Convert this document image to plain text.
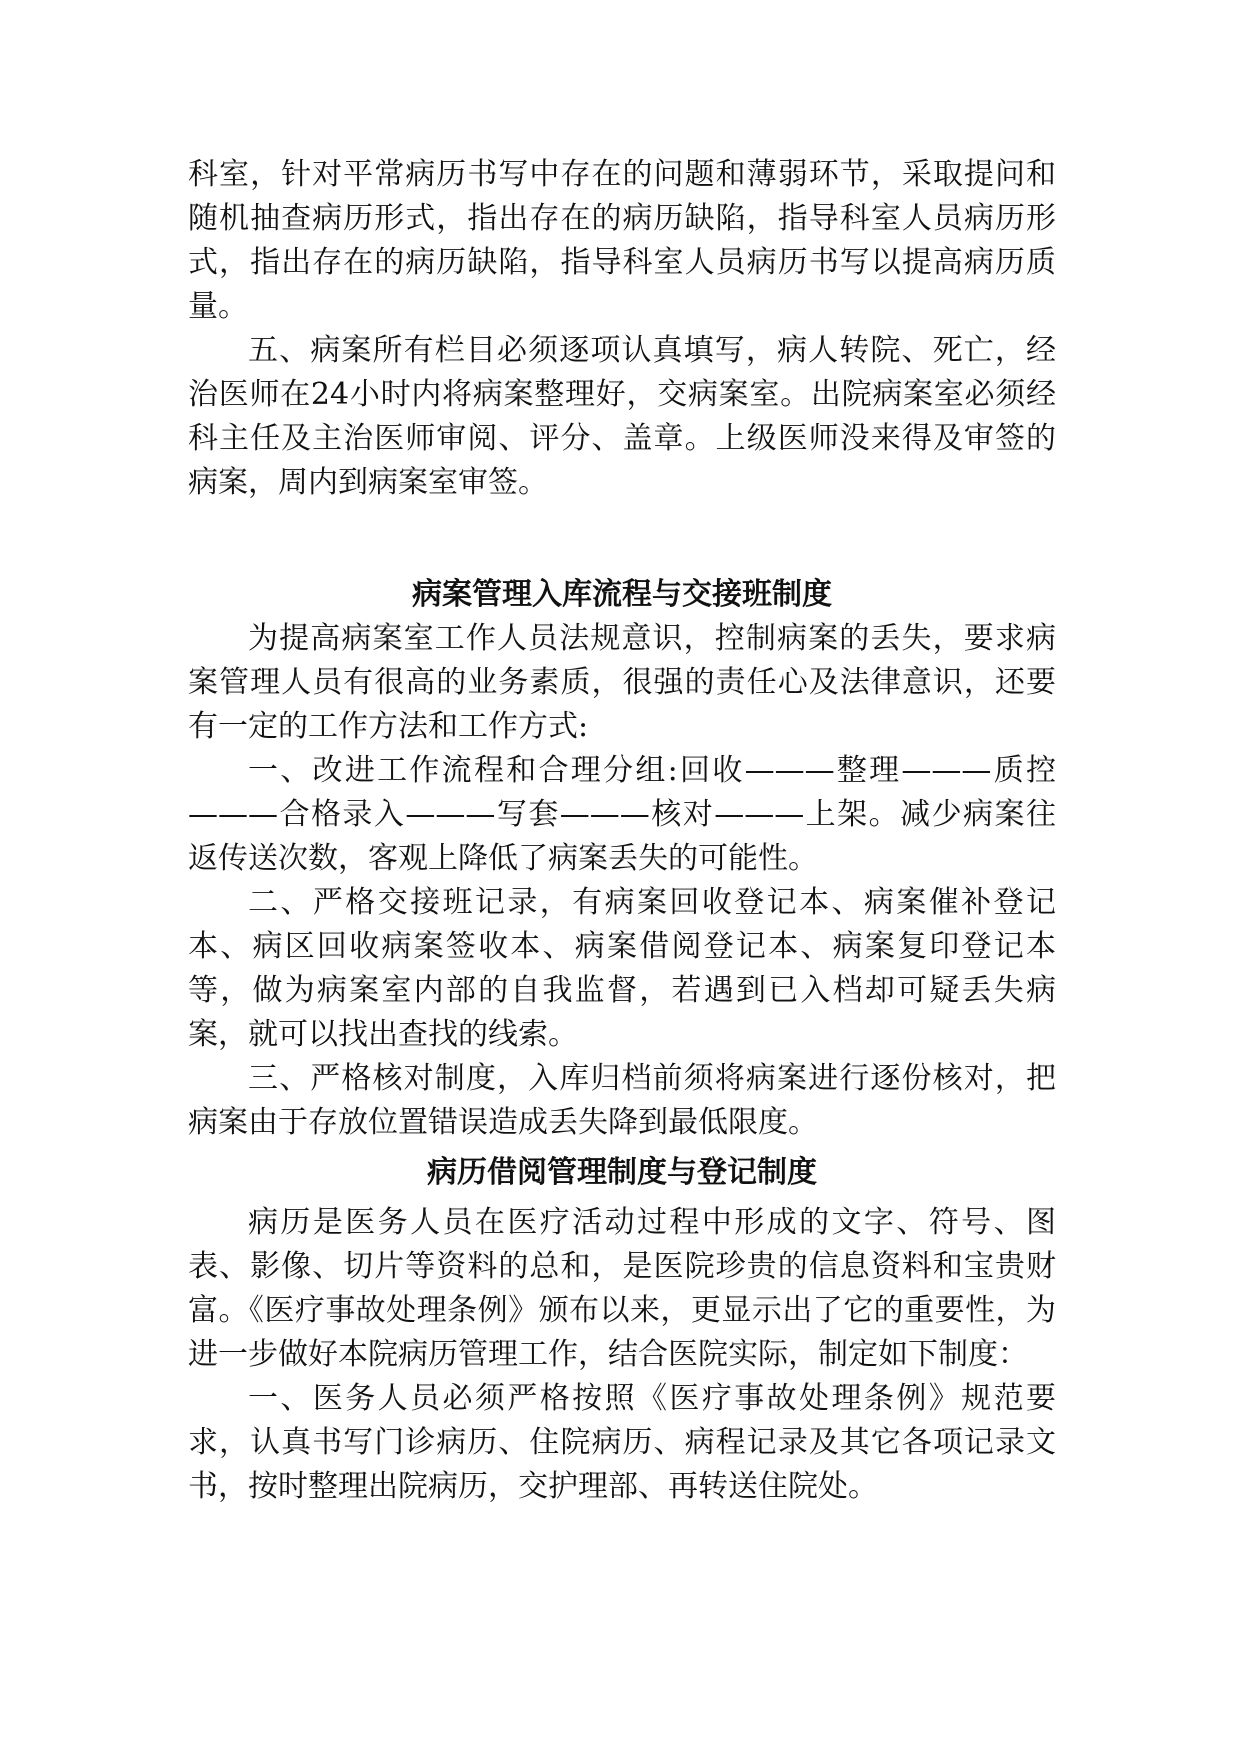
科室，针对平常病历书写中存在的问题和薄弱环节，采取提问和随机抽查病历形式，指出存在的病历缺陷，指导科室人员病历形式，指出存在的病历缺陷，指导科室人员病历书写以提高病历质量。

五、病案所有栏目必须逐项认真填写，病人转院、死亡，经治医师在24小时内将病案整理好，交病案室。出院病案室必须经科主任及主治医师审阅、评分、盖章。上级医师没来得及审签的病案，周内到病案室审签。

病案管理入库流程与交接班制度

为提高病案室工作人员法规意识，控制病案的丢失，要求病案管理人员有很高的业务素质，很强的责任心及法律意识，还要有一定的工作方法和工作方式:

一、改进工作流程和合理分组:回收———整理———质控———合格录入———写套———核对———上架。减少病案往返传送次数，客观上降低了病案丢失的可能性。

二、严格交接班记录，有病案回收登记本、病案催补登记本、病区回收病案签收本、病案借阅登记本、病案复印登记本等，做为病案室内部的自我监督，若遇到已入档却可疑丢失病案，就可以找出查找的线索。

三、严格核对制度，入库归档前须将病案进行逐份核对，把病案由于存放位置错误造成丢失降到最低限度。

病历借阅管理制度与登记制度

病历是医务人员在医疗活动过程中形成的文字、符号、图表、影像、切片等资料的总和，是医院珍贵的信息资料和宝贵财富。《医疗事故处理条例》颁布以来，更显示出了它的重要性，为进一步做好本院病历管理工作，结合医院实际，制定如下制度：

一、医务人员必须严格按照《医疗事故处理条例》规范要求，认真书写门诊病历、住院病历、病程记录及其它各项记录文书，按时整理出院病历，交护理部、再转送住院处。
